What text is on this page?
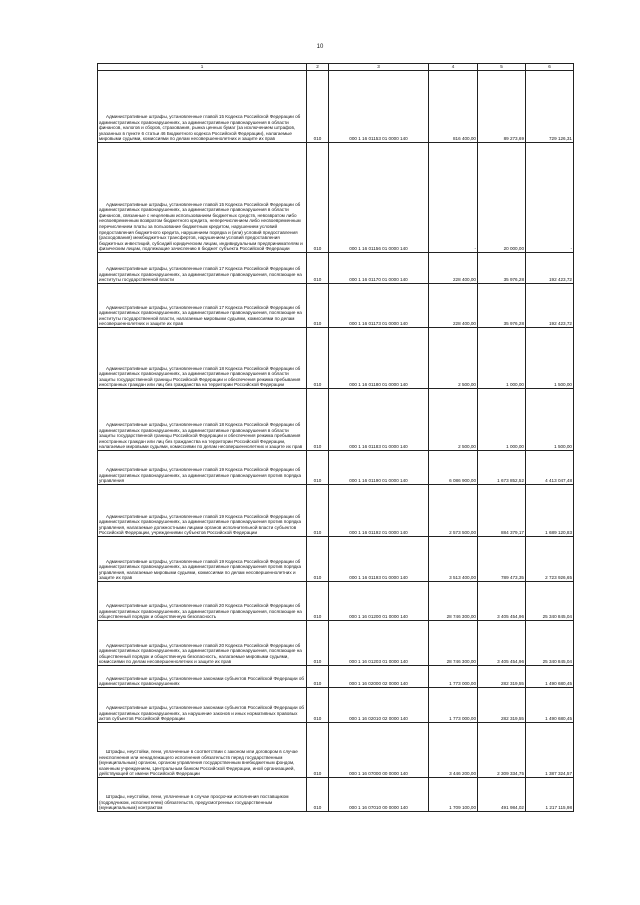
10
1	2	3	4	5	6

Административные штрафы, установленные главой 15 Кодекса Российской Федерации об административных правонарушениях, за административные правонарушения в области финансов, налогов и сборов, страхования, рынка ценных бумаг (за исключением штрафов, указанных в пункте 6 статьи 46 Бюджетного кодекса Российской Федерации), налагаемые мировыми судьями, комиссиями по делам несовершеннолетних и защите их прав	010	000 1 16 01153 01 0000 140	816 400,00	89 273,69	729 126,31

Административные штрафы, установленные главой 15 Кодекса Российской Федерации об административных правонарушениях, за административные правонарушения в области финансов, связанные с нецелевым использованием бюджетных средств, невозвратом либо несвоевременным возвратом бюджетного кредита, неперечислением либо несвоевременным перечислением платы за пользование бюджетным кредитом, нарушением условий предоставления бюджетного кредита, нарушением порядка и (или) условий предоставления (расходования) межбюджетных трансфертов, нарушением условий предоставления бюджетных инвестиций, субсидий юридическим лицам, индивидуальным предпринимателям и физическим лицам, подлежащие зачислению в бюджет субъекта Российской Федерации	010	000 1 16 01156 01 0000 140	-	20 000,00	-

Административные штрафы, установленные главой 17 Кодекса Российской Федерации об административных правонарушениях, за административные правонарушения, посягающие на институты государственной власти	010	000 1 16 01170 01 0000 140	228 400,00	35 976,28	192 423,72

Административные штрафы, установленные главой 17 Кодекса Российской Федерации об административных правонарушениях, за административные правонарушения, посягающие на институты государственной власти, налагаемые мировыми судьями, комиссиями по делам несовершеннолетних и защите их прав	010	000 1 16 01173 01 0000 140	228 400,00	35 976,28	192 423,72

Административные штрафы, установленные главой 18 Кодекса Российской Федерации об административных правонарушениях, за административные правонарушения в области защиты государственной границы Российской Федерации и обеспечения режима пребывания иностранных граждан или лиц без гражданства на территории Российской Федерации	010	000 1 16 01180 01 0000 140	2 500,00	1 000,00	1 500,00

Административные штрафы, установленные главой 18 Кодекса Российской Федерации об административных правонарушениях, за административные правонарушения в области защиты государственной границы Российской Федерации и обеспечения режима пребывания иностранных граждан или лиц без гражданства на территории Российской Федерации, налагаемые мировыми судьями, комиссиями по делам несовершеннолетних и защите их прав	010	000 1 16 01183 01 0000 140	2 500,00	1 000,00	1 500,00

Административные штрафы, установленные главой 19 Кодекса Российской Федерации об административных правонарушениях, за административные правонарушения против порядка управления	010	000 1 16 01190 01 0000 140	6 086 900,00	1 673 852,52	4 413 047,48

Административные штрафы, установленные главой 19 Кодекса Российской Федерации об административных правонарушениях, за административные правонарушения против порядка управления, налагаемые должностными лицами органов исполнительной власти субъектов Российской Федерации, учреждениями субъектов Российской Федерации	010	000 1 16 01192 01 0000 140	2 573 500,00	884 379,17	1 689 120,83

Административные штрафы, установленные главой 19 Кодекса Российской Федерации об административных правонарушениях, за административные правонарушения против порядка управления, налагаемые мировыми судьями, комиссиями по делам несовершеннолетних и защите их прав	010	000 1 16 01193 01 0000 140	3 513 400,00	789 473,35	2 723 926,65

Административные штрафы, установленные главой 20 Кодекса Российской Федерации об административных правонарушениях, за административные правонарушения, посягающие на общественный порядок и общественную безопасность	010	000 1 16 01200 01 0000 140	28 746 300,00	3 405 454,96	25 340 845,04

Административные штрафы, установленные главой 20 Кодекса Российской Федерации об административных правонарушениях, за административные правонарушения, посягающие на общественный порядок и общественную безопасность, налагаемые мировыми судьями, комиссиями по делам несовершеннолетних и защите их прав	010	000 1 16 01203 01 0000 140	28 746 300,00	3 405 454,96	25 340 845,04

Административные штрафы, установленные законами субъектов Российской Федерации об административных правонарушениях	010	000 1 16 02000 02 0000 140	1 773 000,00	282 319,55	1 490 680,45

Административные штрафы, установленные законами субъектов Российской Федерации об административных правонарушениях, за нарушение законов и иных нормативных правовых актов субъектов Российской Федерации	010	000 1 16 02010 02 0000 140	1 773 000,00	282 319,55	1 490 680,45

Штрафы, неустойки, пени, уплаченные в соответствии с законом или договором в случае неисполнения или ненадлежащего исполнения обязательств перед государственным (муниципальным) органом, органом управления государственным внебюджетным фондом, казенным учреждением, Центральным банком Российской Федерации, иной организацией, действующей от имени Российской Федерации	010	000 1 16 07000 00 0000 140	3 446 200,00	2 309 334,75	1 387 324,57

Штрафы, неустойки, пени, уплаченные в случае просрочки исполнения поставщиком (подрядчиком, исполнителем) обязательств, предусмотренных государственным (муниципальным) контрактом	010	000 1 16 07010 00 0000 140	1 709 100,00	491 984,02	1 217 115,98
